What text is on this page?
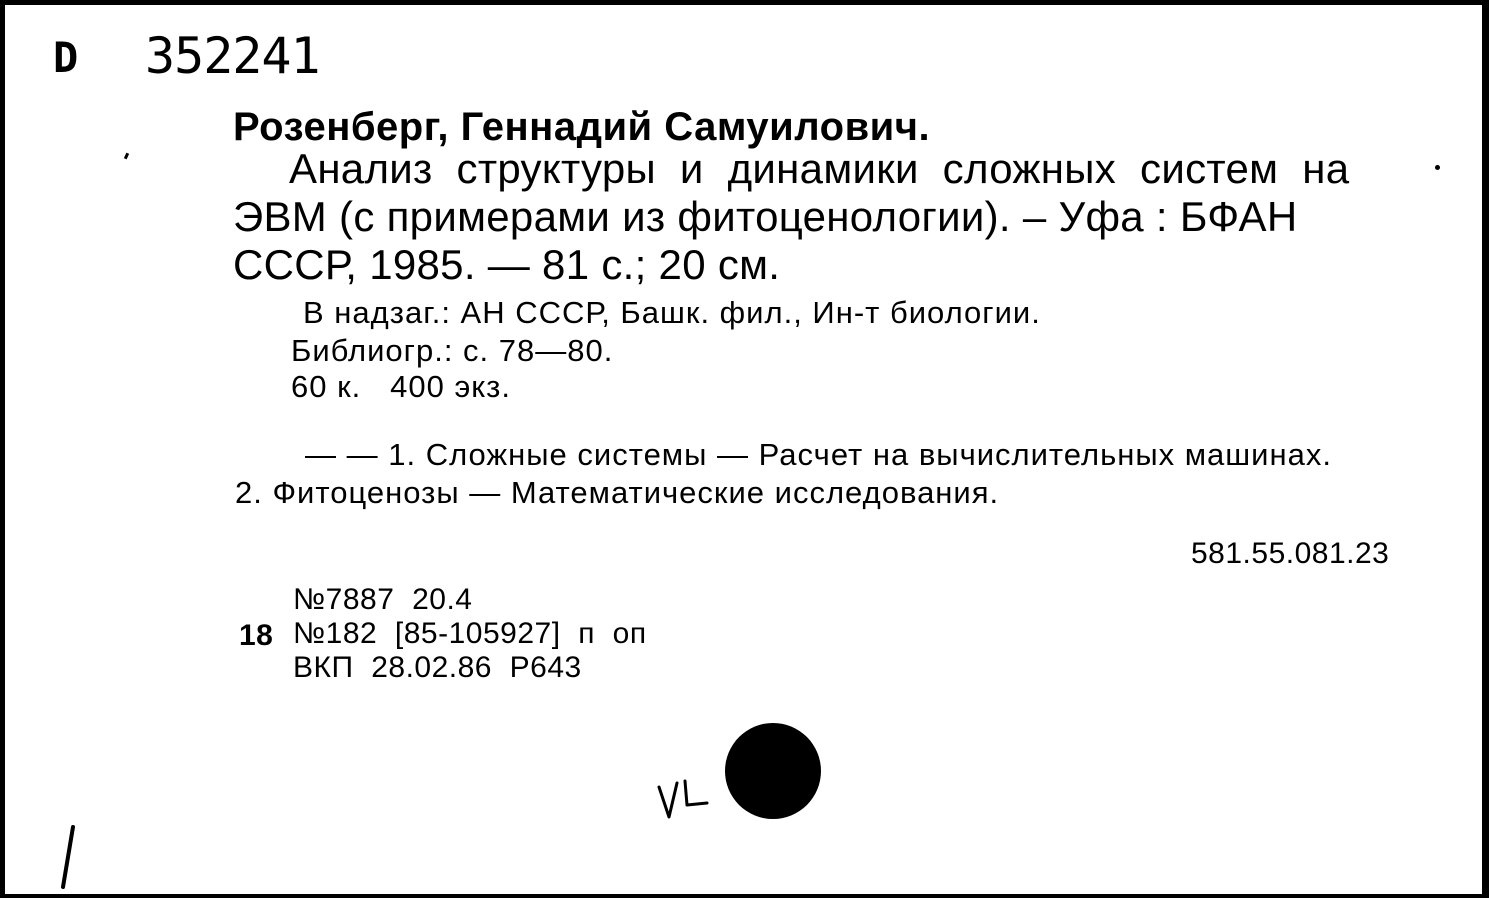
D 352241
Розенберг, Геннадий Самуилович.
Анализ  структуры  и  динамики  сложных  систем  на
ЭВМ (с примерами из фитоценологии). – Уфа : БФАН
СССР, 1985. — 81 с.; 20 см.
В надзаг.: АН СССР, Башк. фил., Ин-т биологии.
Библиогр.: с. 78—80.
60 к.   400 экз.
— — 1. Сложные системы — Расчет на вычислительных машинах.
2. Фитоценозы — Математические исследования.
581.55.081.23
№7887  20.4
18 №182  [85-105927]  п  оп
ВКП  28.02.86  Р643
